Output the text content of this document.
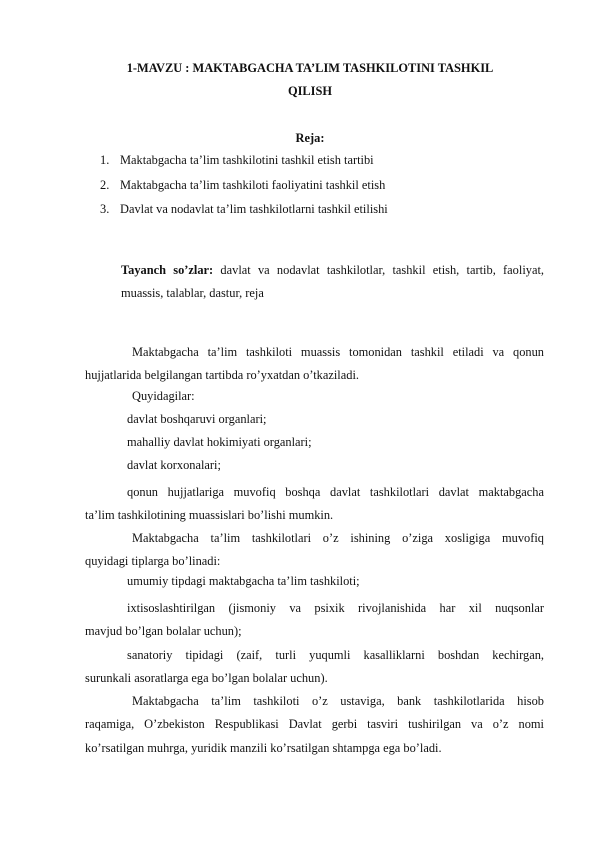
1-MAVZU : MAKTABGACHA TA’LIM TASHKILOTINI TASHKIL
QILISH
Reja:
1. Maktabgacha ta’lim tashkilotini tashkil etish tartibi
2. Maktabgacha ta’lim tashkiloti faoliyatini tashkil etish
3. Davlat va nodavlat ta’lim tashkilotlarni tashkil etilishi
Tayanch so’zlar: davlat va nodavlat tashkilotlar, tashkil etish, tartib, faoliyat, muassis, talablar, dastur, reja
Maktabgacha ta’lim tashkiloti muassis tomonidan tashkil etiladi va qonun
hujjatlarida belgilangan tartibda ro’yxatdan o’tkaziladi.
Quyidagilar:
davlat boshqaruvi organlari;
mahalliy davlat hokimiyati organlari;
davlat korxonalari;
qonun hujjatlariga muvofiq boshqa davlat tashkilotlari davlat maktabgacha
ta’lim tashkilotining muassislari bo’lishi mumkin.
Maktabgacha ta’lim tashkilotlari o’z ishining o’ziga xosligiga muvofiq
quyidagi tiplarga bo’linadi:
umumiy tipdagi maktabgacha ta’lim tashkiloti;
ixtisoslashtirilgan (jismoniy va psixik rivojlanishida har xil nuqsonlar
mavjud bo’lgan bolalar uchun);
sanatoriy tipidagi (zaif, turli yuqumli kasalliklarni boshdan kechirgan,
surunkali asoratlarga ega bo’lgan bolalar uchun).
Maktabgacha ta’lim tashkiloti o’z ustaviga, bank tashkilotlarida hisob
raqamiga, O’zbekiston Respublikasi Davlat gerbi tasviri tushirilgan va o’z nomi ko’rsatilgan muhrga, yuridik manzili ko’rsatilgan shtampga ega bo’ladi.
